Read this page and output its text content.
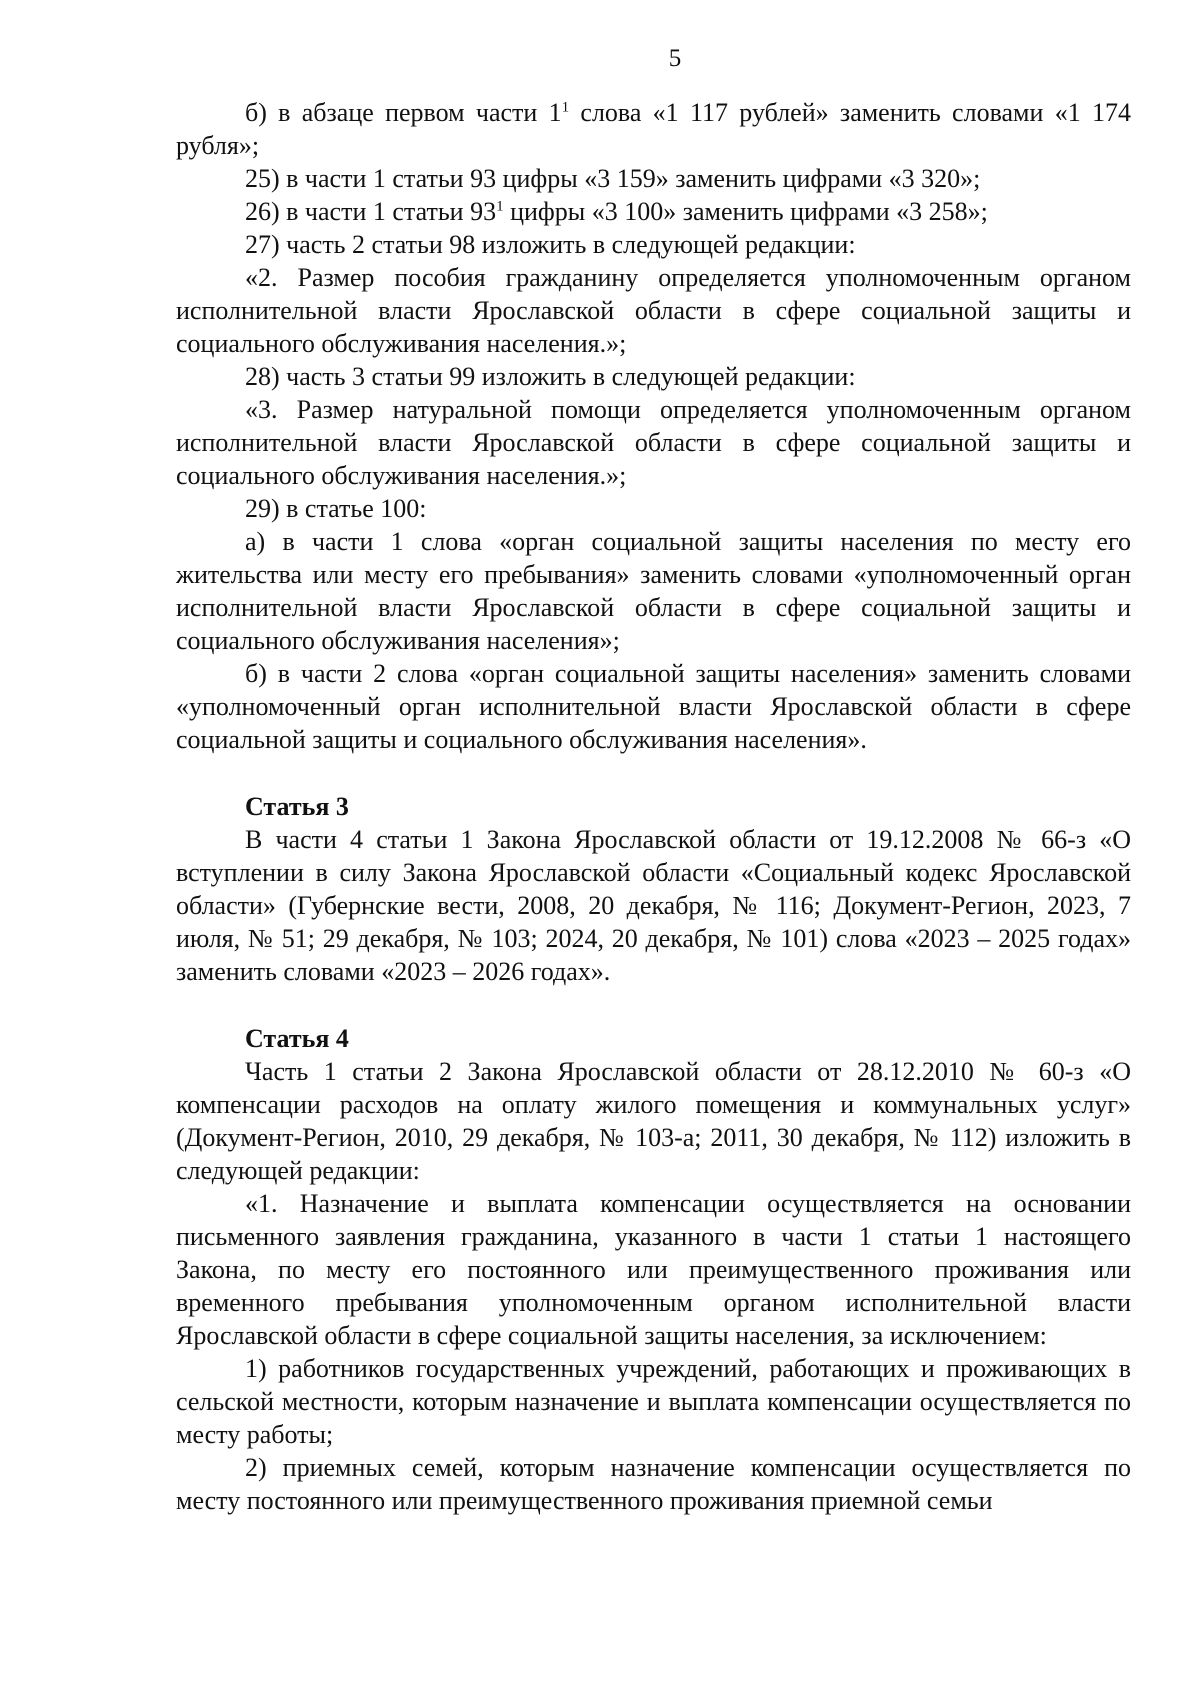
5

б) в абзаце первом части $1^1$ слова «1 117 рублей» заменить словами «1 174 рубля»;

25) в части 1 статьи 93 цифры «3 159» заменить цифрами «3 320»;

26) в части 1 статьи $93^1$ цифры «3 100» заменить цифрами «3 258»;

27) часть 2 статьи 98 изложить в следующей редакции:

«2. Размер пособия гражданину определяется уполномоченным органом исполнительной власти Ярославской области в сфере социальной защиты и социального обслуживания населения.»;

28) часть 3 статьи 99 изложить в следующей редакции:

«3. Размер натуральной помощи определяется уполномоченным органом исполнительной власти Ярославской области в сфере социальной защиты и социального обслуживания населения.»;

29) в статье 100:

а) в части 1 слова «орган социальной защиты населения по месту его жительства или месту его пребывания» заменить словами «уполномоченный орган исполнительной власти Ярославской области в сфере социальной защиты и социального обслуживания населения»;

б) в части 2 слова «орган социальной защиты населения» заменить словами «уполномоченный орган исполнительной власти Ярославской области в сфере социальной защиты и социального обслуживания населения».

Статья 3

В части 4 статьи 1 Закона Ярославской области от 19.12.2008 № 66-з «О вступлении в силу Закона Ярославской области «Социальный кодекс Ярославской области» (Губернские вести, 2008, 20 декабря, № 116; Документ-Регион, 2023, 7 июля, № 51; 29 декабря, № 103; 2024, 20 декабря, № 101) слова «2023 – 2025 годах» заменить словами «2023 – 2026 годах».

Статья 4

Часть 1 статьи 2 Закона Ярославской области от 28.12.2010 № 60-з «О компенсации расходов на оплату жилого помещения и коммунальных услуг» (Документ-Регион, 2010, 29 декабря, № 103-а; 2011, 30 декабря, № 112) изложить в следующей редакции:

«1. Назначение и выплата компенсации осуществляется на основании письменного заявления гражданина, указанного в части 1 статьи 1 настоящего Закона, по месту его постоянного или преимущественного проживания или временного пребывания уполномоченным органом исполнительной власти Ярославской области в сфере социальной защиты населения, за исключением:

1) работников государственных учреждений, работающих и проживающих в сельской местности, которым назначение и выплата компенсации осуществляется по месту работы;

2) приемных семей, которым назначение компенсации осуществляется по месту постоянного или преимущественного проживания приемной семьи
